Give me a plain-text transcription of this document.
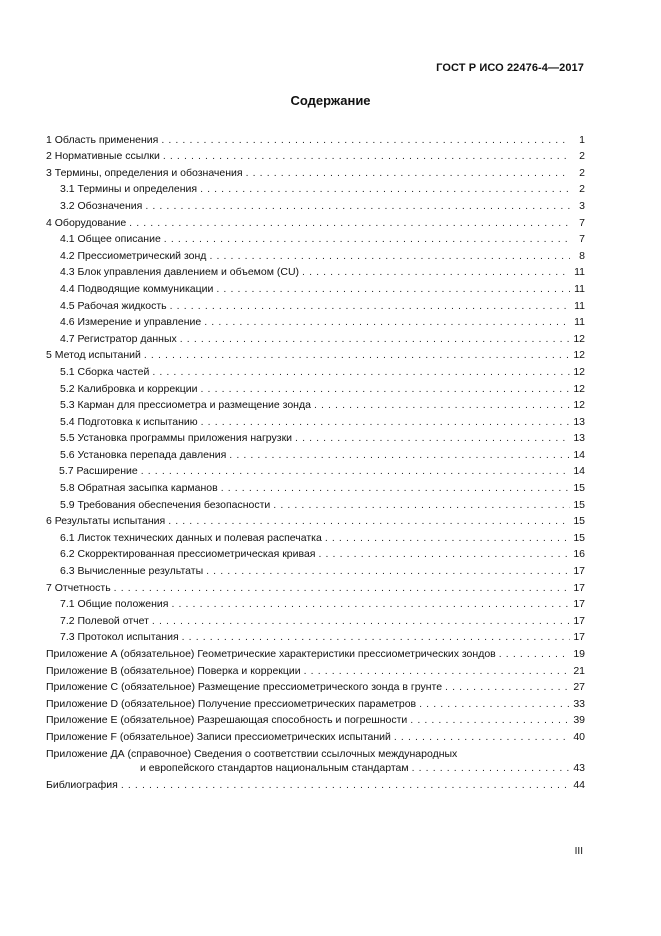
ГОСТ Р ИСО 22476-4—2017
Содержание
1 Область применения . . .	1
2 Нормативные ссылки . . .	2
3 Термины, определения и обозначения . . .	2
3.1 Термины и определения . . .	2
3.2 Обозначения . . .	3
4 Оборудование . . .	7
4.1 Общее описание . . .	7
4.2 Прессиометрический зонд . . .	8
4.3 Блок управления давлением и объемом (CU) . . .	11
4.4 Подводящие коммуникации . . .	11
4.5 Рабочая жидкость . . .	11
4.6 Измерение и управление . . .	11
4.7 Регистратор данных . . .	12
5 Метод испытаний . . .	12
5.1 Сборка частей . . .	12
5.2 Калибровка и коррекции . . .	12
5.3 Карман для прессиометра и размещение зонда . . .	12
5.4 Подготовка к испытанию . . .	13
5.5 Установка программы приложения нагрузки . . .	13
5.6 Установка перепада давления . . .	14
5.7 Расширение . . .	14
5.8 Обратная засыпка карманов . . .	15
5.9 Требования обеспечения безопасности . . .	15
6 Результаты испытания . . .	15
6.1 Листок технических данных и полевая распечатка . . .	15
6.2 Скорректированная прессиометрическая кривая . . .	16
6.3 Вычисленные результаты . . .	17
7 Отчетность . . .	17
7.1 Общие положения . . .	17
7.2 Полевой отчет . . .	17
7.3 Протокол испытания . . .	17
Приложение А (обязательное) Геометрические характеристики прессиометрических зондов . . .	19
Приложение В (обязательное) Поверка и коррекции . . .	21
Приложение С (обязательное) Размещение прессиометрического зонда в грунте . . .	27
Приложение D (обязательное) Получение прессиометрических параметров . . .	33
Приложение E (обязательное) Разрешающая способность и погрешности . . .	39
Приложение F (обязательное) Записи прессиометрических испытаний . . .	40
Приложение ДА (справочное) Сведения о соответствии ссылочных международных
и европейского стандартов национальным стандартам . . .	43
Библиография . . .	44
III
